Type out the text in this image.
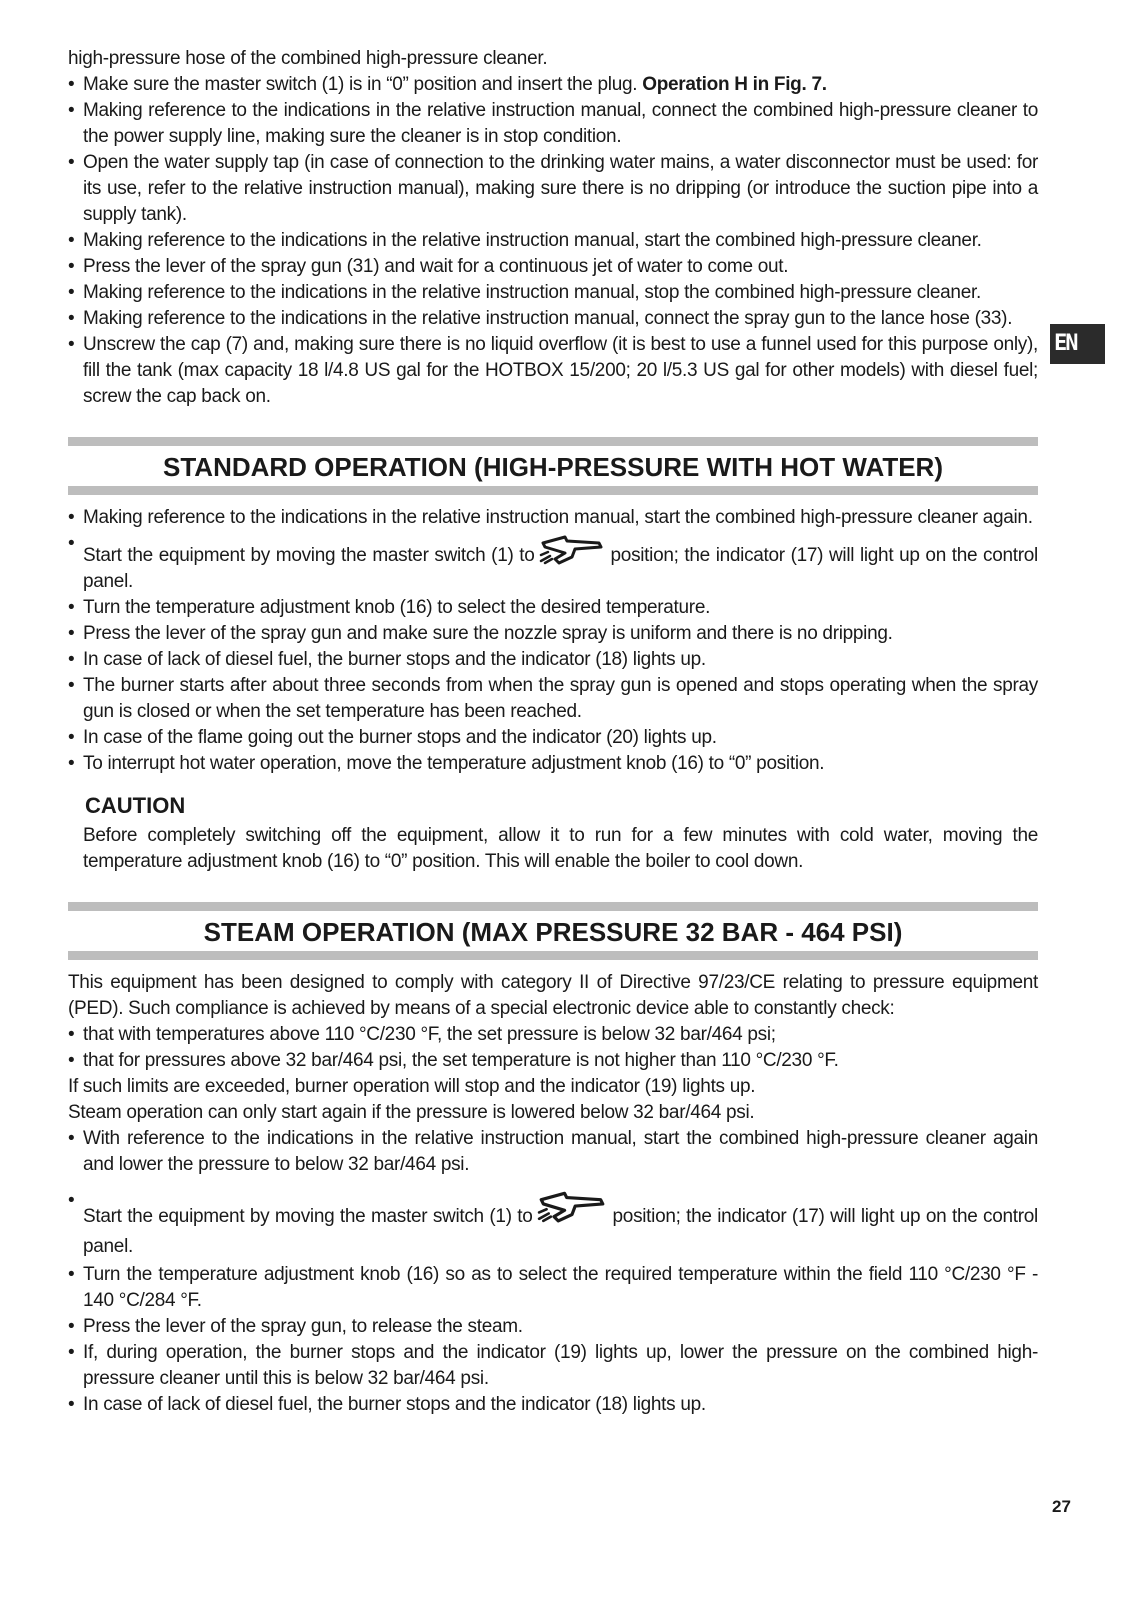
high-pressure hose of the combined high-pressure cleaner.

• Make sure the master switch (1) is in “0” position and insert the plug. Operation H in Fig. 7.
• Making reference to the indications in the relative instruction manual, connect the combined high-pressure cleaner to the power supply line, making sure the cleaner is in stop condition.
• Open the water supply tap (in case of connection to the drinking water mains, a water disconnector must be used: for its use, refer to the relative instruction manual), making sure there is no dripping (or introduce the suction pipe into a supply tank).
• Making reference to the indications in the relative instruction manual, start the combined high-pressure cleaner.
• Press the lever of the spray gun (31) and wait for a continuous jet of water to come out.
• Making reference to the indications in the relative instruction manual, stop the combined high-pressure cleaner.
• Making reference to the indications in the relative instruction manual, connect the spray gun to the lance hose (33).
• Unscrew the cap (7) and, making sure there is no liquid overflow (it is best to use a funnel used for this purpose only), fill the tank (max capacity 18 l/4.8 US gal for the HOTBOX 15/200; 20 l/5.3 US gal for other models) with diesel fuel; screw the cap back on.
STANDARD OPERATION (HIGH-PRESSURE WITH HOT WATER)
• Making reference to the indications in the relative instruction manual, start the combined high-pressure cleaner again.
• Start the equipment by moving the master switch (1) to	position; the indicator (17) will light up on the control panel.
• Turn the temperature adjustment knob (16) to select the desired temperature.
• Press the lever of the spray gun and make sure the nozzle spray is uniform and there is no dripping.
• In case of lack of diesel fuel, the burner stops and the indicator (18) lights up.
• The burner starts after about three seconds from when the spray gun is opened and stops operating when the spray gun is closed or when the set temperature has been reached.
• In case of the flame going out the burner stops and the indicator (20) lights up.
• To interrupt hot water operation, move the temperature adjustment knob (16) to “0” position.
CAUTION

Before completely switching off the equipment, allow it to run for a few minutes with cold water, moving the temperature adjustment knob (16) to “0” position. This will enable the boiler to cool down.

STEAM OPERATION (MAX PRESSURE 32 BAR - 464 PSI)

This equipment has been designed to comply with category II of Directive 97/23/CE relating to pressure equipment (PED). Such compliance is achieved by means of a special electronic device able to constantly check:

• that with temperatures above 110 °C/230 °F, the set pressure is below 32 bar/464 psi;
• that for pressures above 32 bar/464 psi, the set temperature is not higher than 110 °C/230 °F.

If such limits are exceeded, burner operation will stop and the indicator (19) lights up.

Steam operation can only start again if the pressure is lowered below 32 bar/464 psi.

• With reference to the indications in the relative instruction manual, start the combined high-pressure cleaner again and lower the pressure to below 32 bar/464 psi.
• Start the equipment by moving the master switch (1) to	position; the indicator (17) will light up on the control panel.
• Turn the temperature adjustment knob (16) so as to select the required temperature within the field 110 °C/230 °F - 140 °C/284 °F.
• Press the lever of the spray gun, to release the steam.
• If, during operation, the burner stops and the indicator (19) lights up, lower the pressure on the combined high-pressure cleaner until this is below 32 bar/464 psi.
• In case of lack of diesel fuel, the burner stops and the indicator (18) lights up.
EN
27
